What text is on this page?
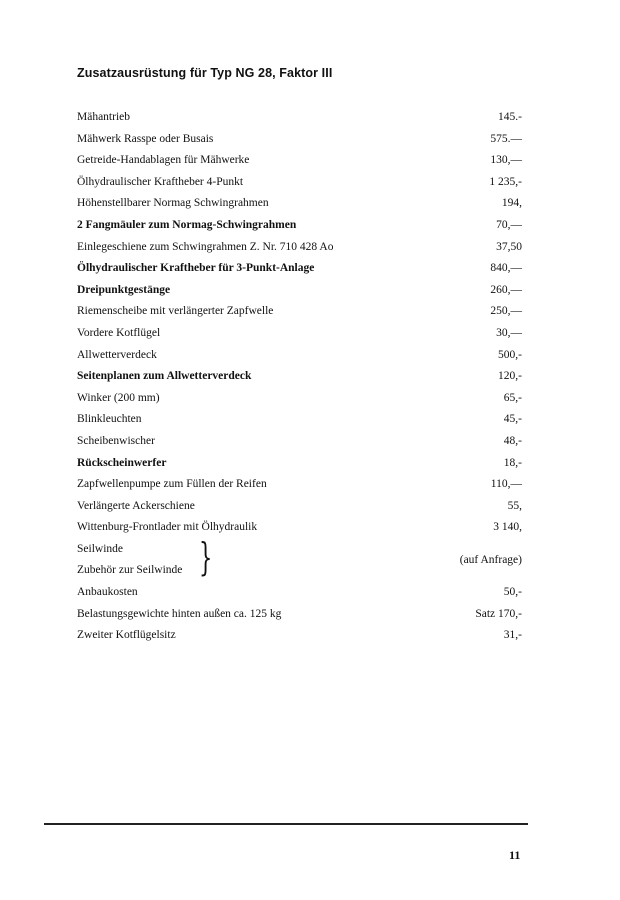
Zusatzausrüstung für Typ NG 28, Faktor III
Mähantrieb	145.-
Mähwerk Rasspe oder Busais	575.—
Getreide-Handablagen für Mähwerke	130,—
Ölhydraulischer Kraftheber 4-Punkt	1 235,-
Höhenstellbarer Normag Schwingrahmen	194,
2 Fangmäuler zum Normag-Schwingrahmen	70,—
Einlegeschiene zum Schwingrahmen Z. Nr. 710 428 Ao	37,50
Ölhydraulischer Kraftheber für 3-Punkt-Anlage	840,—
Dreipunktgestänge	260,—
Riemenscheibe mit verlängerter Zapfwelle	250,—
Vordere Kotflügel	30,—
Allwetterverdeck	500,-
Seitenplanen zum Allwetterverdeck	120,-
Winker (200 mm)	65,-
Blinkleuchten	45,-
Scheibenwischer	48,-
Rückscheinwerfer	18,-
Zapfwellenpumpe zum Füllen der Reifen	110,—
Verlängerte Ackerschiene	55,
Wittenburg-Frontlader mit Ölhydraulik	3 140,
Seilwinde
Zubehör zur Seilwinde }	(auf Anfrage)
Anbaukosten	50,-
Belastungsgewichte hinten außen ca. 125 kg	Satz 170,-
Zweiter Kotflügelsitz	31,-
11
